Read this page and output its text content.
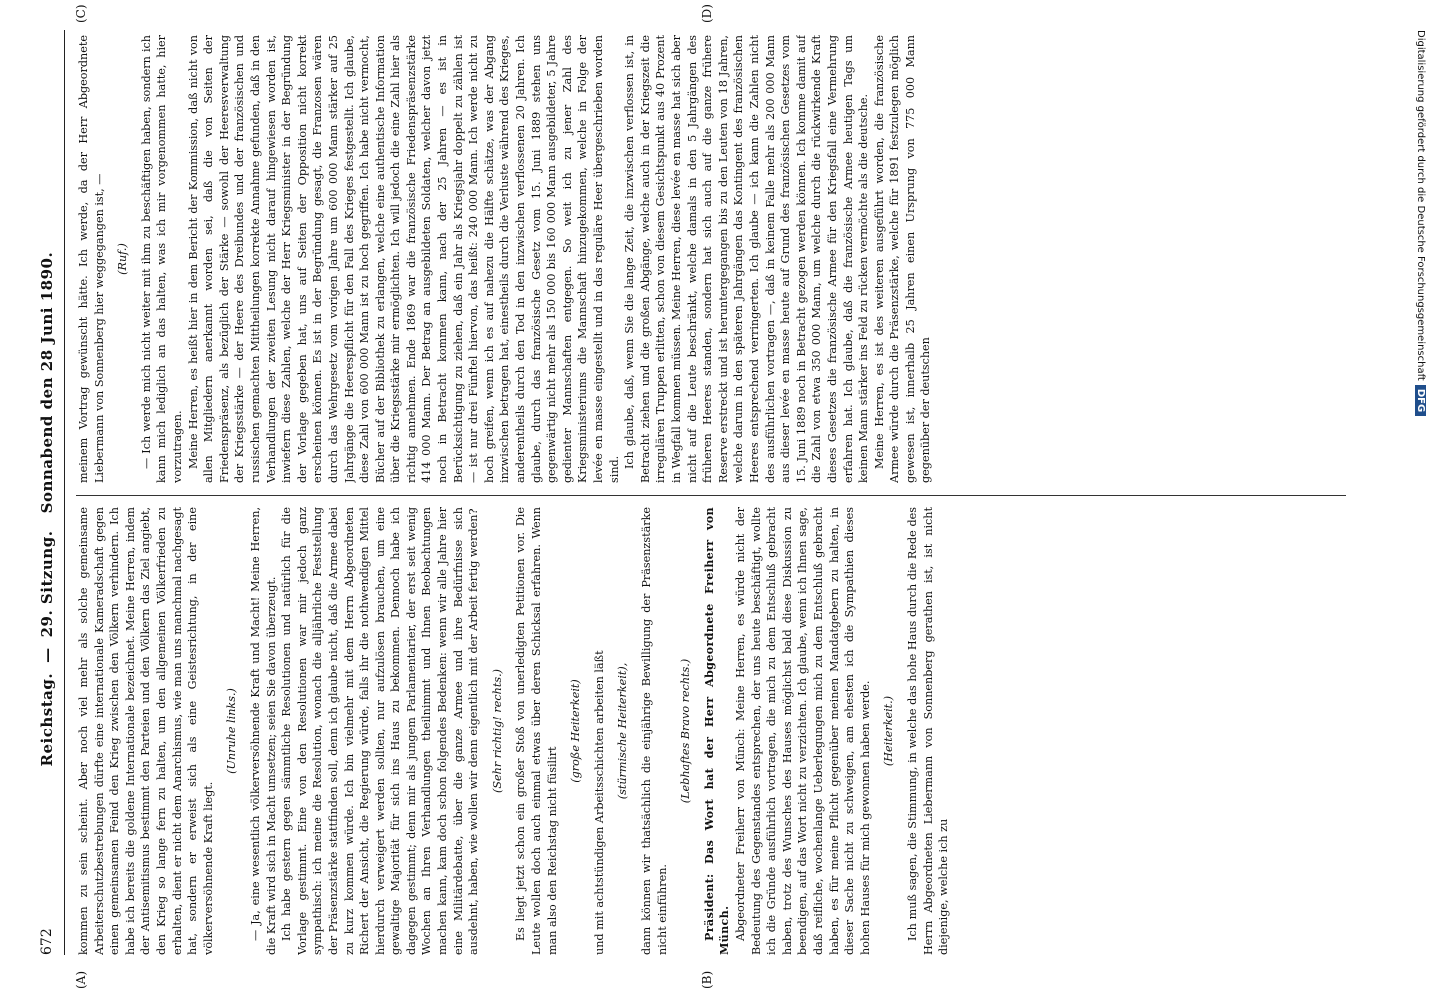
672
Reichstag.—29. Sitzung.   Sonnabend den 28 Juni 1890.
(A)	(B)
(C)	(D)

kommen zu sein scheint. Aber noch viel mehr als solche gemeinsame Arbeiterschutzbestrebungen dürfte eine internationale Kameradschaft gegen einen gemeinsamen Feind den Krieg zwischen den Völkern verhindern. Ich habe ich bereits die goldene Internationale bezeichnet. Meine Herren, indem der Antisemitismus bestimmt den Parteien und den Völkern das Ziel angiebt, den Krieg so lange fern zu halten, um den allgemeinen Völkerfrieden zu erhalten, dient er nicht dem Anarchismus, wie man uns manchmal nachgesagt hat, sondern er erweist sich als eine Geistesrichtung, in der eine völkerversöhnende Kraft liegt.

(Unruhe links.) — Ja, eine wesentlich völkerversöhnende Kraft und Macht! Meine Herren, die Kraft wird sich in Macht umsetzen; seien Sie davon überzeugt. Ich habe gestern gegen sämmtliche Resolutionen und natürlich für die Vorlage gestimmt. Eine von den Resolutionen war mir jedoch ganz sympathisch: ich meine die Resolution, wonach die alljährliche Feststellung der Präsenzstärke stattfinden soll, denn ich glaube nicht, daß die Armee dabei zu kurz kommen würde. Ich bin vielmehr mit dem Herrn Abgeordneten Richert der Ansicht, die Regierung würde, falls ihr die nothwendigen Mittel hierdurch verweigert werden sollten, nur aufzulösen brauchen, um eine gewaltige Majorität für sich ins Haus zu bekommen. Dennoch habe ich dagegen gestimmt; denn mir als jungem Parlamentarier, der erst seit wenig Wochen an Ihren Verhandlungen theilnimmt und Ihnen Beobachtungen machen kann, kam doch schon folgendes Bedenken: wenn wir alle Jahre hier eine Militärdebatte, über die ganze Armee und ihre Bedürfnisse sich ausdehnt, haben, wie wollen wir denn eigentlich mit der Arbeit fertig werden? (Sehr richtig! rechts.) Es liegt jetzt schon ein großer Stoß von unerledigten Petitionen vor. Die Leute wollen doch auch einmal etwas über deren Schicksal erfahren. Wenn man also den Reichstag nicht füsilirt

(große Heiterkeit) und mit achtstündigen Arbeitsschichten arbeiten läßt (stürmische Heiterkeit), dann können wir thatsächlich die einjährige Bewilligung der Präsenzstärke nicht einführen.

(Lebhaftes Bravo rechts.) Präsident: Das Wort hat der Herr Abgeordnete Freiherr von Münch. Abgeordneter Freiherr von Münch: Meine Herren, es würde nicht der Bedeutung des Gegenstandes entsprechen, der uns heute beschäftigt, wollte ich die Gründe ausführlich vortragen, die mich zu dem Entschluß gebracht haben, trotz des Wunsches des Hauses möglichst bald diese Diskussion zu beendigen, auf das Wort nicht zu verzichten. Ich glaube, wenn ich Ihnen sage, daß reifliche, wochenlange Ueberlegungen mich zu dem Entschluß gebracht haben, es für meine Pflicht gegenüber meinen Mandatgebern zu halten, in dieser Sache nicht zu schweigen, am ehesten ich die Sympathien dieses hohen Hauses für mich gewonnen haben werde. (Heiterkeit.) Ich muß sagen, die Stimmung, in welche das hohe Haus durch die Rede des Herrn Abgeordneten Liebermann von Sonnenberg gerathen ist, ist nicht diejenige, welche ich zu

meinem Vortrag gewünscht hätte. Ich werde, da der Herr Abgeordnete Liebermann von Sonnenberg hier weggegangen ist, — (Ruf.) — Ich werde mich nicht weiter mit ihm zu beschäftigen haben, sondern ich kann mich lediglich an das halten, was ich mir vorgenommen hatte, hier vorzutragen. Meine Herren, es heißt hier in dem Bericht der Kommission, daß nicht von allen Mitgliedern anerkannt worden sei, daß die von Seiten der Friedenspräsenz, als bezüglich der Stärke — sowohl der Heeresverwaltung der Kriegsstärke — der Heere des Dreibundes und der französischen und russischen gemachten Mittheilungen korrekte Annahme gefunden, daß in den Verhandlungen der zweiten Lesung nicht darauf hingewiesen worden ist, inwiefern diese Zahlen, welche der Herr Kriegsminister in der Begründung der Vorlage gegeben hat, uns auf Seiten der Opposition nicht korrekt erscheinen können. Es ist in der Begründung gesagt, die Franzosen wären durch das Wehrgesetz vom vorigen Jahre um 600 000 Mann stärker auf 25 Jahrgänge die Heerespflicht für den Fall des Krieges festgestellt. Ich glaube, diese Zahl von 600 000 Mann ist zu hoch gegriffen. Ich habe nicht vermocht, Bücher auf der Bibliothek zu erlangen, welche eine authentische Information über die Kriegsstärke mir ermöglichten. Ich will jedoch die eine Zahl hier als richtig annehmen. Ende 1869 war die französische Friedenspräsenzstärke 414 000 Mann. Der Betrag an ausgebildeten Soldaten, welcher davon jetzt noch in Betracht kommen kann, nach der 25 Jahren — es ist in Berücksichtigung zu ziehen, daß ein Jahr als Kriegsjahr doppelt zu zählen ist — ist nur drei Fünftel hiervon, das heißt: 240 000 Mann. Ich werde nicht zu hoch greifen, wenn ich es auf nahezu die Hälfte schätze, was der Abgang inzwischen betragen hat, einestheils durch die Verluste während des Krieges, anderentheils durch den Tod in den inzwischen verflossenen 20 Jahren. Ich glaube, durch das französische Gesetz vom 15. Juni 1889 stehen uns gegenwärtig nicht mehr als 150 000 bis 160 000 Mann ausgebildeter, 5 Jahre gedienter Mannschaften entgegen. So weit ich zu jener Zahl des Kriegsministeriums die Mannschaft hinzugekommen, welche in Folge der levée en masse eingestellt und in das reguläre Heer übergeschrieben worden sind.

Ich glaube, daß, wenn Sie die lange Zeit, die inzwischen verflossen ist, in Betracht ziehen und die großen Abgänge, welche auch in der Kriegszeit die irregulären Truppen erlitten, schon von diesem Gesichtspunkt aus 40 Prozent in Wegfall kommen müssen. Meine Herren, diese levée en masse hat sich aber nicht auf die Leute beschränkt, welche damals in den 5 Jahrgängen des früheren Heeres standen, sondern hat sich auch auf die ganze frühere Reserve erstreckt und ist heruntergegangen bis zu den Leuten von 18 Jahren, welche darum in den späteren Jahrgängen das Kontingent des französischen Heeres entsprechend verringerten. Ich glaube — ich kann die Zahlen nicht des ausführlichen vortragen —, daß in keinem Falle mehr als 200 000 Mann aus dieser levée en masse heute auf Grund des französischen Gesetzes vom 15. Juni 1889 noch in Betracht gezogen werden können. Ich komme damit auf die Zahl von etwa 350 000 Mann, um welche durch die rückwirkende Kraft dieses Gesetzes die französische Armee für den Kriegsfall eine Vermehrung erfahren hat. Ich glaube, daß die französische Armee heutigen Tags um keinen Mann stärker ins Feld zu rücken vermöchte als die deutsche. Meine Herren, es ist des weiteren ausgeführt worden, die französische Armee würde durch die Präsenzstärke, welche für 1891 festzulegen möglich gewesen ist, innerhalb 25 Jahren einen Ursprung von 775 000 Mann gegenüber der deutschen

Digitalisierung gefördert durch die Deutsche ForschungsgemeinschaftDFG
